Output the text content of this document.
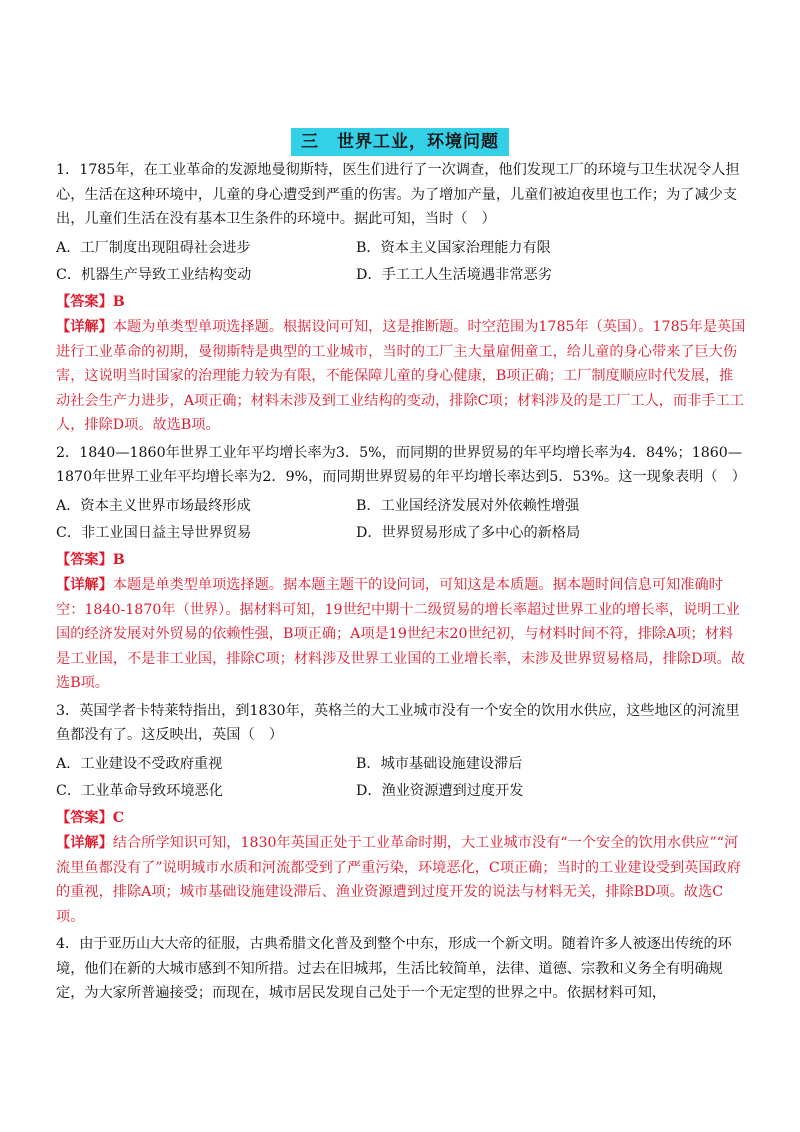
三　世界工业，环境问题

1．1785年，在工业革命的发源地曼彻斯特，医生们进行了一次调查，他们发现工厂的环境与卫生状况令人担心，生活在这种环境中，儿童的身心遭受到严重的伤害。为了增加产量，儿童们被迫夜里也工作；为了减少支出，儿童们生活在没有基本卫生条件的环境中。据此可知，当时（　）

A．工厂制度出现阻碍社会进步	B．资本主义国家治理能力有限
C．机器生产导致工业结构变动	D．手工工人生活境遇非常恶劣
【答案】B

【详解】本题为单类型单项选择题。根据设问可知，这是推断题。时空范围为1785年（英国）。1785年是英国进行工业革命的初期，曼彻斯特是典型的工业城市，当时的工厂主大量雇佣童工，给儿童的身心带来了巨大伤害，这说明当时国家的治理能力较为有限，不能保障儿童的身心健康，B项正确；工厂制度顺应时代发展，推动社会生产力进步，A项正确；材料未涉及到工业结构的变动，排除C项；材料涉及的是工厂工人，而非手工工人，排除D项。故选B项。

2．1840—1860年世界工业年平均增长率为3．5%，而同期的世界贸易的年平均增长率为4．84%；1860—1870年世界工业年平均增长率为2．9%，而同期世界贸易的年平均增长率达到5．53%。这一现象表明（　）

A．资本主义世界市场最终形成	B．工业国经济发展对外依赖性增强
C．非工业国日益主导世界贸易	D．世界贸易形成了多中心的新格局
【答案】B

【详解】本题是单类型单项选择题。据本题主题干的设问词，可知这是本质题。据本题时间信息可知准确时空：1840-1870年（世界）。据材料可知，19世纪中期十二级贸易的增长率超过世界工业的增长率，说明工业国的经济发展对外贸易的依赖性强，B项正确；A项是19世纪末20世纪初，与材料时间不符，排除A项；材料是工业国，不是非工业国，排除C项；材料涉及世界工业国的工业增长率，未涉及世界贸易格局，排除D项。故选B项。

3．英国学者卡特莱特指出，到1830年，英格兰的大工业城市没有一个安全的饮用水供应，这些地区的河流里鱼都没有了。这反映出，英国（　）

A．工业建设不受政府重视	B．城市基础设施建设滞后
C．工业革命导致环境恶化	D．渔业资源遭到过度开发
【答案】C

【详解】结合所学知识可知，1830年英国正处于工业革命时期，大工业城市没有“一个安全的饮用水供应”“河流里鱼都没有了”说明城市水质和河流都受到了严重污染，环境恶化，C项正确；当时的工业建设受到英国政府的重视，排除A项；城市基础设施建设滞后、渔业资源遭到过度开发的说法与材料无关，排除BD项。故选C项。

4．由于亚历山大大帝的征服，古典希腊文化普及到整个中东，形成一个新文明。随着许多人被逐出传统的环境，他们在新的大城市感到不知所措。过去在旧城邦，生活比较简单，法律、道德、宗教和义务全有明确规定，为大家所普遍接受；而现在，城市居民发现自己处于一个无定型的世界之中。依据材料可知，
